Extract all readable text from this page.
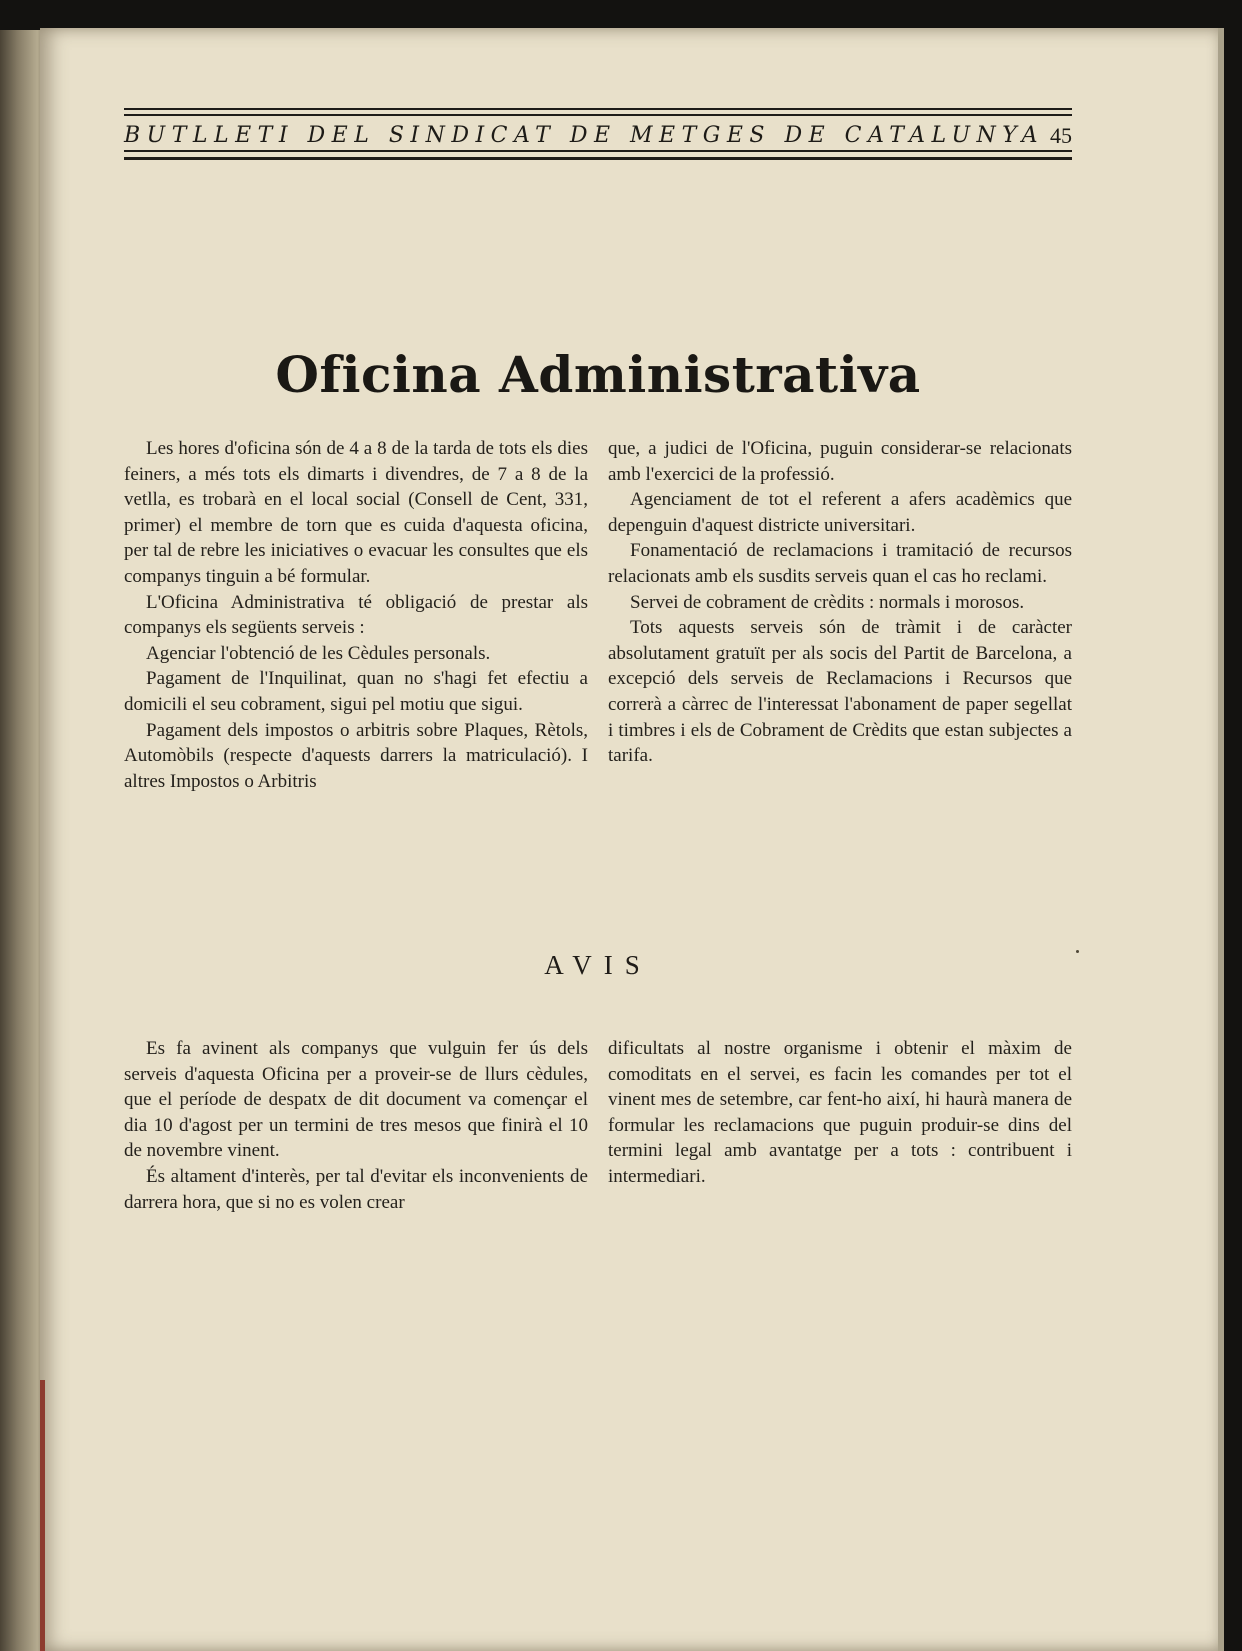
BUTLLETI DEL SINDICAT DE METGES DE CATALUNYA 45
Oficina Administrativa

Les hores d'oficina són de 4 a 8 de la tarda de tots els dies feiners, a més tots els dimarts i divendres, de 7 a 8 de la vetlla, es trobarà en el local social (Consell de Cent, 331, primer) el membre de torn que es cuida d'aquesta oficina, per tal de rebre les iniciatives o evacuar les consultes que els companys tinguin a bé formular.

L'Oficina Administrativa té obligació de prestar als companys els següents serveis :

Agenciar l'obtenció de les Cèdules personals.

Pagament de l'Inquilinat, quan no s'hagi fet efectiu a domicili el seu cobrament, sigui pel motiu que sigui.

Pagament dels impostos o arbitris sobre Plaques, Rètols, Automòbils (respecte d'aquests darrers la matriculació). I altres Impostos o Arbitris

que, a judici de l'Oficina, puguin considerar-se relacionats amb l'exercici de la professió.

Agenciament de tot el referent a afers acadèmics que depenguin d'aquest districte universitari.

Fonamentació de reclamacions i tramitació de recursos relacionats amb els susdits serveis quan el cas ho reclami.

Servei de cobrament de crèdits : normals i morosos.

Tots aquests serveis són de tràmit i de caràcter absolutament gratuït per als socis del Partit de Barcelona, a excepció dels serveis de Reclamacions i Recursos que correrà a càrrec de l'interessat l'abonament de paper segellat i timbres i els de Cobrament de Crèdits que estan subjectes a tarifa.

AVIS

Es fa avinent als companys que vulguin fer ús dels serveis d'aquesta Oficina per a proveir-se de llurs cèdules, que el període de despatx de dit document va començar el dia 10 d'agost per un termini de tres mesos que finirà el 10 de novembre vinent.

És altament d'interès, per tal d'evitar els inconvenients de darrera hora, que si no es volen crear

dificultats al nostre organisme i obtenir el màxim de comoditats en el servei, es facin les comandes per tot el vinent mes de setembre, car fent-ho així, hi haurà manera de formular les reclamacions que puguin produir-se dins del termini legal amb avantatge per a tots : contribuent i intermediari.
